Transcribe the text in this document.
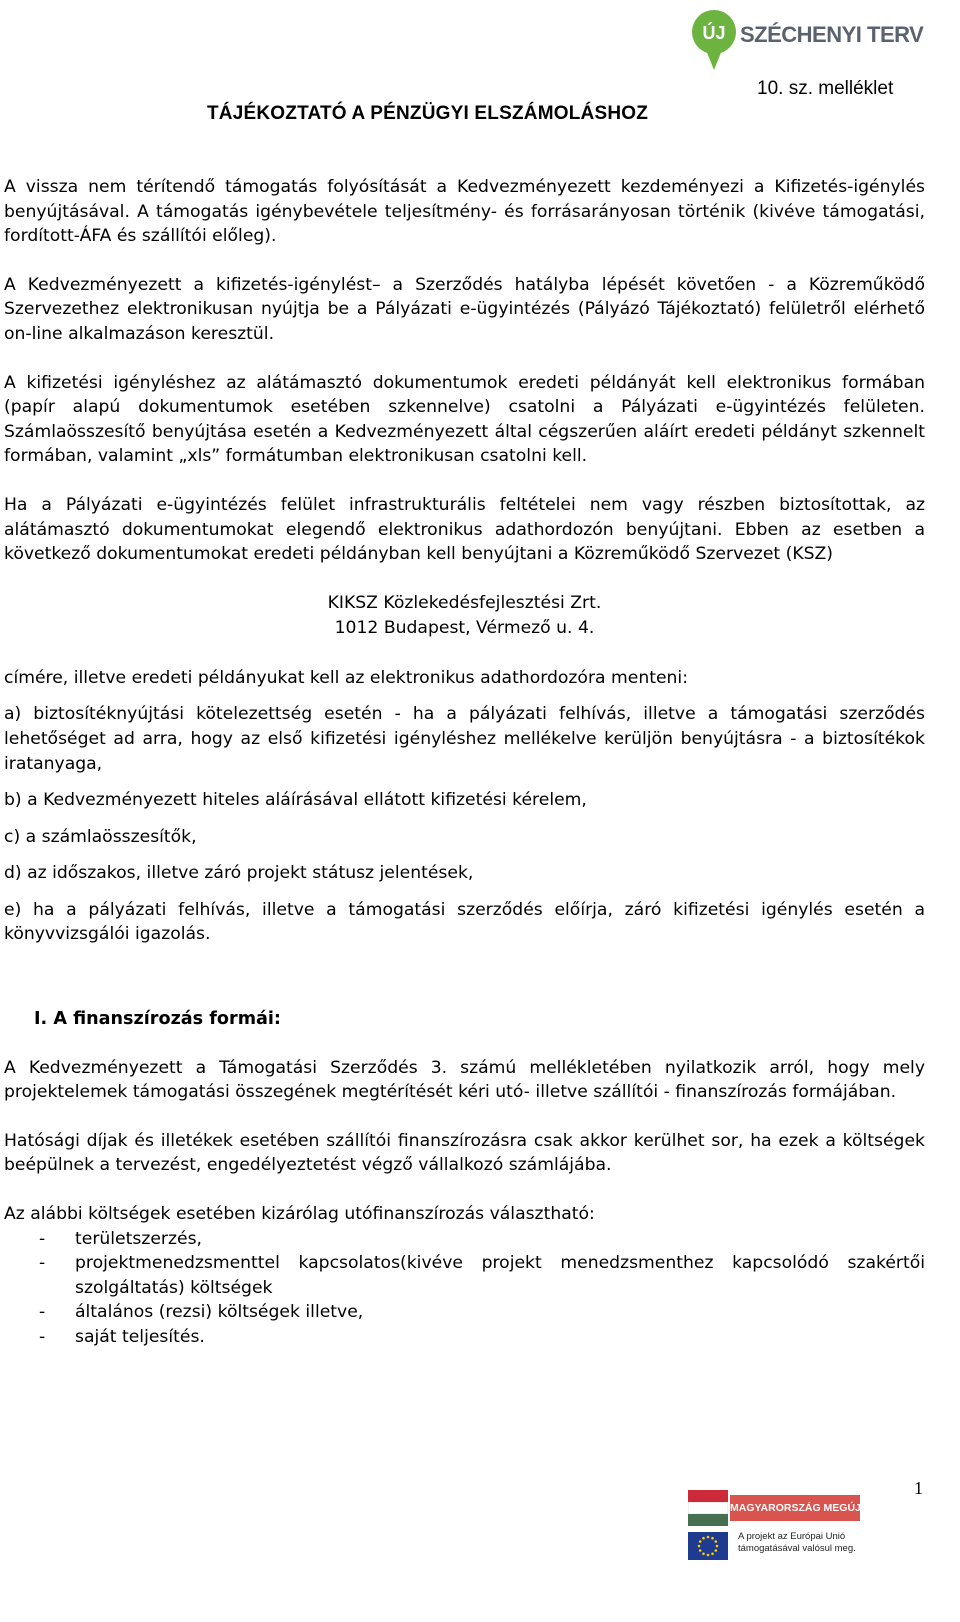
ÚJ SZÉCHENYI TERV
10. sz. melléklet
TÁJÉKOZTATÓ A PÉNZÜGYI ELSZÁMOLÁSHOZ

A vissza nem térítendő támogatás folyósítását a Kedvezményezett kezdeményezi a Kifizetés-igénylés benyújtásával. A támogatás igénybevétele teljesítmény- és forrásarányosan történik (kivéve támogatási, fordított-ÁFA és szállítói előleg).

A Kedvezményezett a kifizetés-igénylést– a Szerződés hatályba lépését követően - a Közreműködő Szervezethez elektronikusan nyújtja be a Pályázati e-ügyintézés (Pályázó Tájékoztató) felületről elérhető on-line alkalmazáson keresztül.

A kifizetési igényléshez az alátámasztó dokumentumok eredeti példányát kell elektronikus formában (papír alapú dokumentumok esetében szkennelve) csatolni a Pályázati e-ügyintézés felületen. Számlaösszesítő benyújtása esetén a Kedvezményezett által cégszerűen aláírt eredeti példányt szkennelt formában, valamint „xls” formátumban elektronikusan csatolni kell.

Ha a Pályázati e-ügyintézés felület infrastrukturális feltételei nem vagy részben biztosítottak, az alátámasztó dokumentumokat elegendő elektronikus adathordozón benyújtani. Ebben az esetben a következő dokumentumokat eredeti példányban kell benyújtani a Közreműködő Szervezet (KSZ)

KIKSZ Közlekedésfejlesztési Zrt.
1012 Budapest, Vérmező u. 4.

címére, illetve eredeti példányukat kell az elektronikus adathordozóra menteni:

a) biztosítéknyújtási kötelezettség esetén - ha a pályázati felhívás, illetve a támogatási szerződés lehetőséget ad arra, hogy az első kifizetési igényléshez mellékelve kerüljön benyújtásra - a biztosítékok iratanyaga,

b) a Kedvezményezett hiteles aláírásával ellátott kifizetési kérelem,

c) a számlaösszesítők,

d) az időszakos, illetve záró projekt státusz jelentések,

e) ha a pályázati felhívás, illetve a támogatási szerződés előírja, záró kifizetési igénylés esetén a könyvvizsgálói igazolás.

I. A finanszírozás formái:

A Kedvezményezett a Támogatási Szerződés 3. számú mellékletében nyilatkozik arról, hogy mely projektelemek támogatási összegének megtérítését kéri utó- illetve szállítói - finanszírozás formájában.

Hatósági díjak és illetékek esetében szállítói finanszírozásra csak akkor kerülhet sor, ha ezek a költségek beépülnek a tervezést, engedélyeztetést végző vállalkozó számlájába.

Az alábbi költségek esetében kizárólag utófinanszírozás választható:

- területszerzés,
- projektmenedzsmenttel kapcsolatos(kivéve projekt menedzsmenthez kapcsolódó szakértői szolgáltatás) költségek
- általános (rezsi) költségek illetve,
- saját teljesítés.
1
MAGYARORSZÁG MEGÚJUL
A projekt az Európai Unió támogatásával valósul meg.
